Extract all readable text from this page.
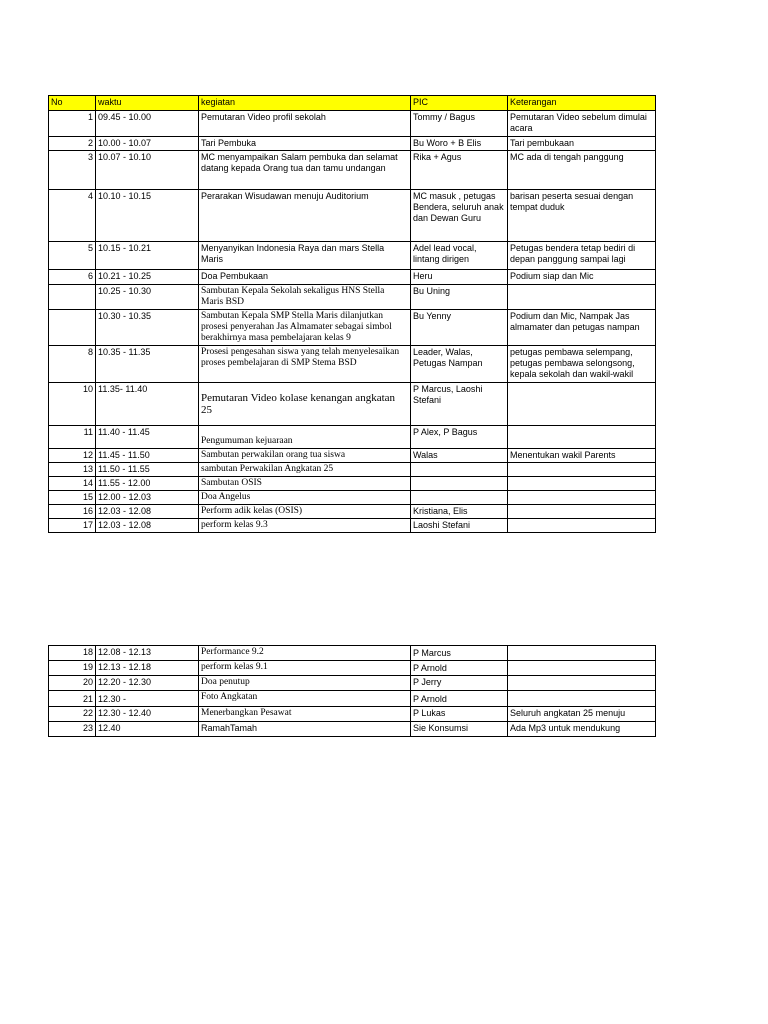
No	waktu	kegiatan	PIC	Keterangan
1	09.45 - 10.00	Pemutaran Video profil sekolah	Tommy / Bagus	Pemutaran Video sebelum dimulai acara
2	10.00 - 10.07	Tari Pembuka	Bu Woro + B Elis	Tari pembukaan
3	10.07 - 10.10	MC menyampaikan Salam pembuka dan selamat datang kepada Orang tua dan tamu undangan	Rika + Agus	MC ada di tengah panggung
4	10.10 - 10.15	Perarakan Wisudawan menuju Auditorium	MC masuk , petugas Bendera, seluruh anak dan Dewan Guru	barisan peserta sesuai dengan tempat duduk
5	10.15 - 10.21	Menyanyikan Indonesia Raya dan mars Stella Maris	Adel lead vocal, lintang dirigen	Petugas bendera tetap bediri di depan panggung sampai lagi
6	10.21 - 10.25	Doa Pembukaan	Heru	Podium siap dan Mic
	10.25 - 10.30	Sambutan Kepala Sekolah sekaligus HNS Stella Maris BSD	Bu Uning	
	10.30 - 10.35	Sambutan Kepala SMP Stella Maris dilanjutkan prosesi penyerahan Jas Almamater sebagai simbol berakhirnya masa pembelajaran kelas 9	Bu Yenny	Podium dan Mic, Nampak Jas almamater dan petugas nampan
8	10.35 - 11.35	Prosesi pengesahan siswa yang telah menyelesaikan proses pembelajaran di SMP Stema BSD	Leader, Walas, Petugas Nampan	petugas pembawa selempang, petugas pembawa selongsong, kepala sekolah dan wakil-wakil
10	11.35- 11.40	Pemutaran Video kolase kenangan angkatan 25	P Marcus, Laoshi Stefani	
11	11.40 - 11.45	Pengumuman kejuaraan	P Alex, P Bagus	
12	11.45 - 11.50	Sambutan perwakilan orang tua siswa	Walas	Menentukan wakil Parents
13	11.50 - 11.55	sambutan Perwakilan Angkatan 25		
14	11.55 - 12.00	Sambutan OSIS		
15	12.00 - 12.03	Doa Angelus		
16	12.03 - 12.08	Perform adik kelas (OSIS)	Kristiana, Elis	
17	12.03 - 12.08	perform kelas 9.3	Laoshi Stefani	
18	12.08 - 12.13	Performance 9.2	P Marcus	
19	12.13 - 12.18	perform kelas 9.1	P Arnold	
20	12.20 - 12.30	Doa penutup	P Jerry	
21	12.30 -	Foto Angkatan	P Arnold	
22	12.30 - 12.40	Menerbangkan Pesawat	P Lukas	Seluruh angkatan 25 menuju
23	12.40	RamahTamah	Sie Konsumsi	Ada Mp3 untuk mendukung
